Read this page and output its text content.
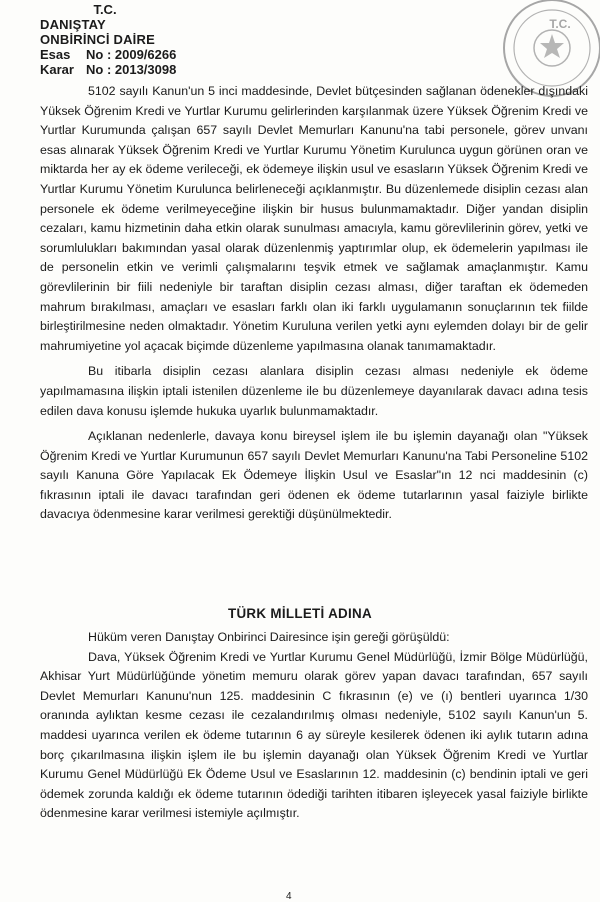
T.C.
DANIŞTAY
ONBİRİNCİ DAİRE
Esas	No : 2009/6266
Karar No : 2013/3098
T.C.

5102 sayılı Kanun'un 5 inci maddesinde, Devlet bütçesinden sağlanan ödenekler dışındaki Yüksek Öğrenim Kredi ve Yurtlar Kurumu gelirlerinden karşılanmak üzere Yüksek Öğrenim Kredi ve Yurtlar Kurumunda çalışan 657 sayılı Devlet Memurları Kanunu'na tabi personele, görev unvanı esas alınarak Yüksek Öğrenim Kredi ve Yurtlar Kurumu Yönetim Kurulunca uygun görünen oran ve miktarda her ay ek ödeme verileceği, ek ödemeye ilişkin usul ve esasların Yüksek Öğrenim Kredi ve Yurtlar Kurumu Yönetim Kurulunca belirleneceği açıklanmıştır. Bu düzenlemede disiplin cezası alan personele ek ödeme verilmeyeceğine ilişkin bir husus bulunmamaktadır. Diğer yandan disiplin cezaları, kamu hizmetinin daha etkin olarak sunulması amacıyla, kamu görevlilerinin görev, yetki ve sorumlulukları bakımından yasal olarak düzenlenmiş yaptırımlar olup, ek ödemelerin yapılması ile de personelin etkin ve verimli çalışmalarını teşvik etmek ve sağlamak amaçlanmıştır. Kamu görevlilerinin bir fiili nedeniyle bir taraftan disiplin cezası alması, diğer taraftan ek ödemeden mahrum bırakılması, amaçları ve esasları farklı olan iki farklı uygulamanın sonuçlarının tek fiilde birleştirilmesine neden olmaktadır. Yönetim Kuruluna verilen yetki aynı eylemden dolayı bir de gelir mahrumiyetine yol açacak biçimde düzenleme yapılmasına olanak tanımamaktadır.

Bu itibarla disiplin cezası alanlara disiplin cezası alması nedeniyle ek ödeme yapılmamasına ilişkin iptali istenilen düzenleme ile bu düzenlemeye dayanılarak davacı adına tesis edilen dava konusu işlemde hukuka uyarlık bulunmamaktadır.

Açıklanan nedenlerle, davaya konu bireysel işlem ile bu işlemin dayanağı olan "Yüksek Öğrenim Kredi ve Yurtlar Kurumunun 657 sayılı Devlet Memurları Kanunu'na Tabi Personeline 5102 sayılı Kanuna Göre Yapılacak Ek Ödemeye İlişkin Usul ve Esaslar"ın 12 nci maddesinin (c) fıkrasının iptali ile davacı tarafından geri ödenen ek ödeme tutarlarının yasal faiziyle birlikte davacıya ödenmesine karar verilmesi gerektiği düşünülmektedir.

TÜRK MİLLETİ ADINA

Hüküm veren Danıştay Onbirinci Dairesince işin gereği görüşüldü:

Dava, Yüksek Öğrenim Kredi ve Yurtlar Kurumu Genel Müdürlüğü, İzmir Bölge Müdürlüğü, Akhisar Yurt Müdürlüğünde yönetim memuru olarak görev yapan davacı tarafından, 657 sayılı Devlet Memurları Kanunu'nun 125. maddesinin C fıkrasının (e) ve (ı) bentleri uyarınca 1/30 oranında aylıktan kesme cezası ile cezalandırılmış olması nedeniyle, 5102 sayılı Kanun'un 5. maddesi uyarınca verilen ek ödeme tutarının 6 ay süreyle kesilerek ödenen iki aylık tutarın adına borç çıkarılmasına ilişkin işlem ile bu işlemin dayanağı olan Yüksek Öğrenim Kredi ve Yurtlar Kurumu Genel Müdürlüğü Ek Ödeme Usul ve Esaslarının 12. maddesinin (c) bendinin iptali ve geri ödemek zorunda kaldığı ek ödeme tutarının ödediği tarihten itibaren işleyecek yasal faiziyle birlikte ödenmesine karar verilmesi istemiyle açılmıştır.

4
